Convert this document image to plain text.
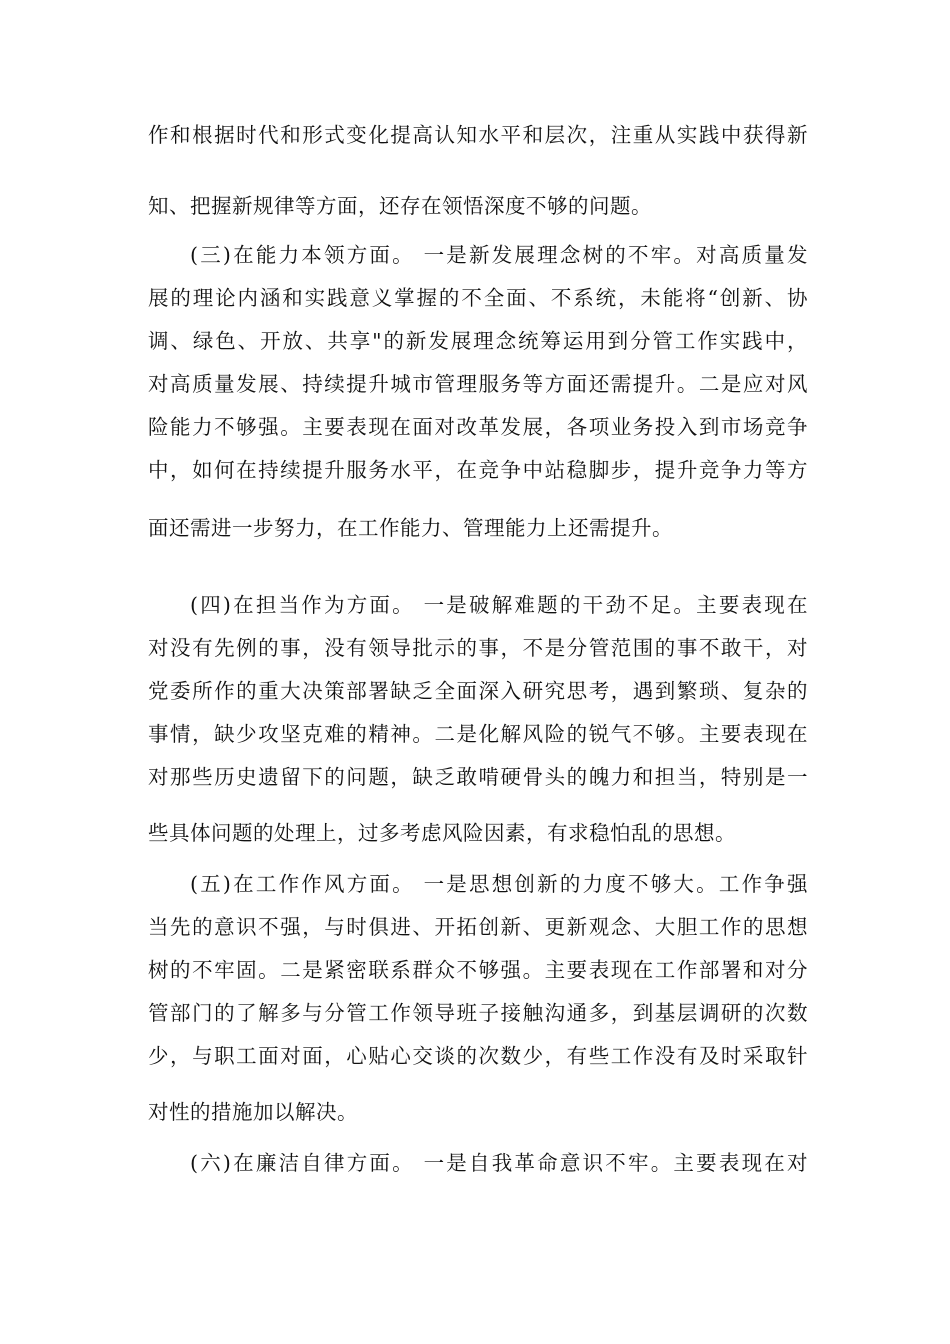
作和根据时代和形式变化提高认知水平和层次，注重从实践中获得新
知、把握新规律等方面，还存在领悟深度不够的问题。
(三)在能力本领方面。 一是新发展理念树的不牢。对高质量发
展的理论内涵和实践意义掌握的不全面、不系统，未能将“创新、协
调、绿色、开放、共享"的新发展理念统筹运用到分管工作实践中，
对高质量发展、持续提升城市管理服务等方面还需提升。二是应对风
险能力不够强。主要表现在面对改革发展，各项业务投入到市场竞争
中，如何在持续提升服务水平，在竞争中站稳脚步，提升竞争力等方
面还需进一步努力，在工作能力、管理能力上还需提升。
(四)在担当作为方面。 一是破解难题的干劲不足。主要表现在
对没有先例的事，没有领导批示的事，不是分管范围的事不敢干，对
党委所作的重大决策部署缺乏全面深入研究思考，遇到繁琐、复杂的
事情，缺少攻坚克难的精神。二是化解风险的锐气不够。主要表现在
对那些历史遗留下的问题，缺乏敢啃硬骨头的魄力和担当，特别是一
些具体问题的处理上，过多考虑风险因素，有求稳怕乱的思想。
(五)在工作作风方面。 一是思想创新的力度不够大。工作争强
当先的意识不强，与时俱进、开拓创新、更新观念、大胆工作的思想
树的不牢固。二是紧密联系群众不够强。主要表现在工作部署和对分
管部门的了解多与分管工作领导班子接触沟通多，到基层调研的次数
少，与职工面对面，心贴心交谈的次数少，有些工作没有及时采取针
对性的措施加以解决。
(六)在廉洁自律方面。 一是自我革命意识不牢。主要表现在对
